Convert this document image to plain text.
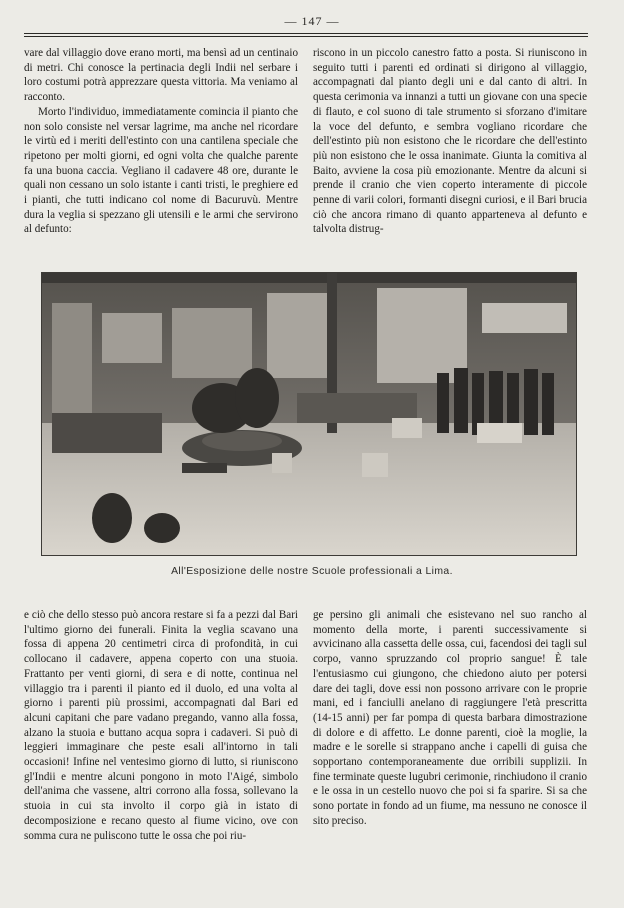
— 147 —

vare dal villaggio dove erano morti, ma bensì ad un centinaio di metri. Chi conosce la pertinacia degli Indii nel serbare i loro costumi potrà apprezzare questa vittoria. Ma veniamo al racconto.

Morto l'individuo, immediatamente comincia il pianto che non solo consiste nel versar lagrime, ma anche nel ricordare le virtù ed i meriti dell'estinto con una cantilena speciale che ripetono per molti giorni, ed ogni volta che qualche parente fa una buona caccia. Vegliano il cadavere 48 ore, durante le quali non cessano un solo istante i canti tristi, le preghiere ed i pianti, che tutti indicano col nome di Bacuruvù. Mentre dura la veglia si spezzano gli utensili e le armi che servirono al defunto:

riscono in un piccolo canestro fatto a posta. Si riuniscono in seguito tutti i parenti ed ordinati si dirigono al villaggio, accompagnati dal pianto degli uni e dal canto di altri. In questa cerimonia va innanzi a tutti un giovane con una specie di flauto, e col suono di tale strumento si sforzano d'imitare la voce del defunto, e sembra vogliano ricordare che dell'estinto più non esistono che le ricordare che dell'estinto più non esistono che le ossa inanimate. Giunta la comitiva al Baito, avviene la cosa più emozionante. Mentre da alcuni si prende il cranio che vien coperto interamente di piccole penne di varii colori, formanti disegni curiosi, e il Bari brucia ciò che ancora rimano di quanto apparteneva al defunto e talvolta distrug-

All'Esposizione delle nostre Scuole professionali a Lima.

e ciò che dello stesso può ancora restare si fa a pezzi dal Bari l'ultimo giorno dei funerali. Finita la veglia scavano una fossa di appena 20 centimetri circa di profondità, in cui collocano il cadavere, appena coperto con una stuoia. Frattanto per venti giorni, di sera e di notte, continua nel villaggio tra i parenti il pianto ed il duolo, ed una volta al giorno i parenti più prossimi, accompagnati dal Bari ed alcuni capitani che pare vadano pregando, vanno alla fossa, alzano la stuoia e buttano acqua sopra i cadaveri. Si può di leggieri immaginare che peste esali all'intorno in tali occasioni! Infine nel ventesimo giorno di lutto, si riuniscono gl'Indii e mentre alcuni pongono in moto l'Aigé, simbolo dell'anima che vassene, altri corrono alla fossa, sollevano la stuoia in cui sta involto il corpo già in istato di decomposizione e recano questo al fiume vicino, ove con somma cura ne puliscono tutte le ossa che poi riu-

ge persino gli animali che esistevano nel suo rancho al momento della morte, i parenti successivamente si avvicinano alla cassetta delle ossa, cui, facendosi dei tagli sul corpo, vanno spruzzando col proprio sangue! È tale l'entusiasmo cui giungono, che chiedono aiuto per potersi dare dei tagli, dove essi non possono arrivare con le proprie mani, ed i fanciulli anelano di raggiungere l'età prescritta (14-15 anni) per far pompa di questa barbara dimostrazione di dolore e di affetto. Le donne parenti, cioè la moglie, la madre e le sorelle si strappano anche i capelli di guisa che sopportano contemporaneamente due orribili supplizii. In fine terminate queste lugubri cerimonie, rinchiudono il cranio e le ossa in un cestello nuovo che poi si fa sparire. Si sa che sono portate in fondo ad un fiume, ma nessuno ne conosce il sito preciso.
